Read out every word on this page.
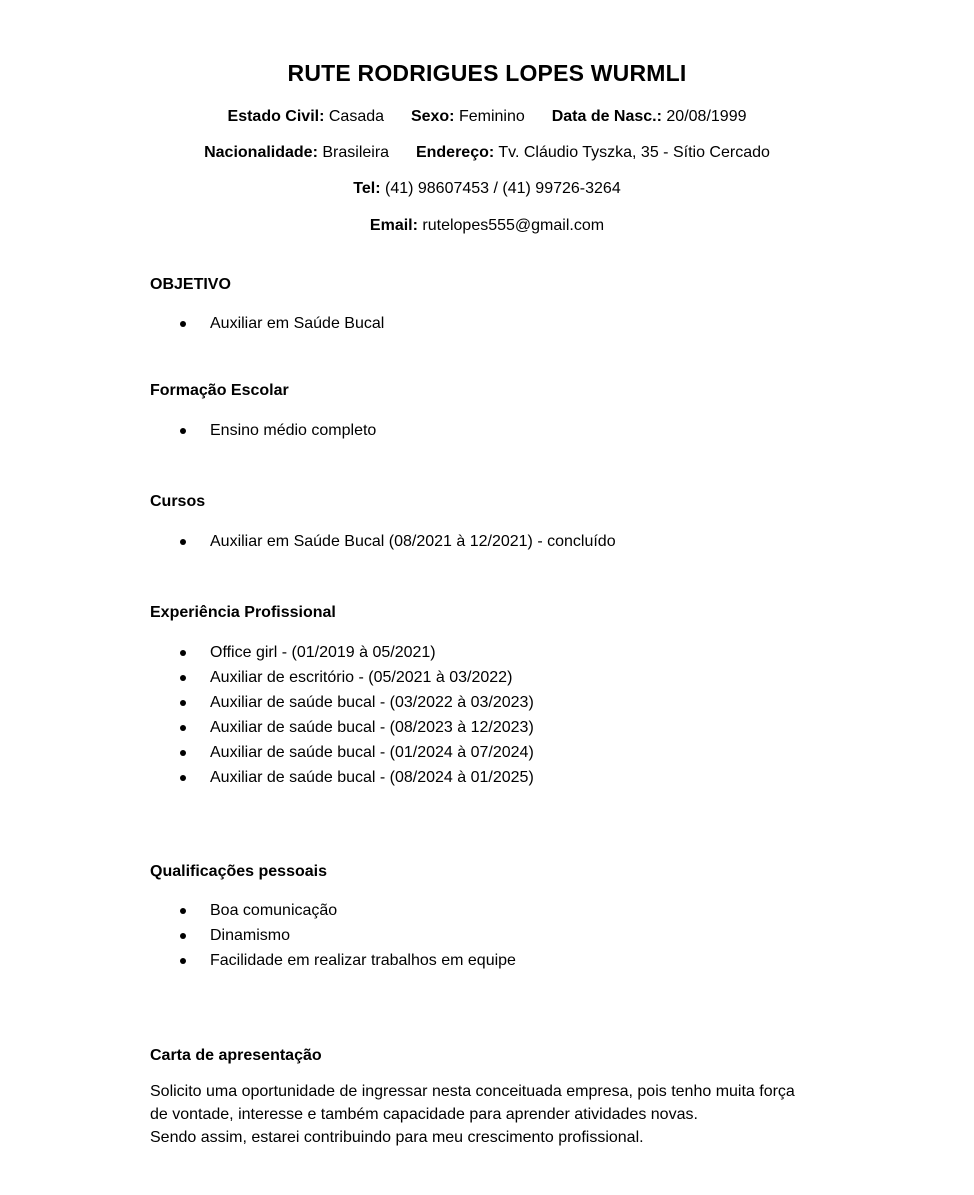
RUTE RODRIGUES LOPES WURMLI
Estado Civil: Casada Sexo: Feminino Data de Nasc.: 20/08/1999
Nacionalidade: Brasileira Endereço: Tv. Cláudio Tyszka, 35 - Sítio Cercado
Tel: (41) 98607453 / (41) 99726-3264
Email: rutelopes555@gmail.com
OBJETIVO
Auxiliar em Saúde Bucal
Formação Escolar
Ensino médio completo
Cursos
Auxiliar em Saúde Bucal (08/2021 à 12/2021) - concluído
Experiência Profissional
Office girl - (01/2019 à 05/2021)
Auxiliar de escritório - (05/2021 à 03/2022)
Auxiliar de saúde bucal - (03/2022 à 03/2023)
Auxiliar de saúde bucal - (08/2023 à 12/2023)
Auxiliar de saúde bucal - (01/2024 à 07/2024)
Auxiliar de saúde bucal - (08/2024 à 01/2025)
Qualificações pessoais
Boa comunicação
Dinamismo
Facilidade em realizar trabalhos em equipe
Carta de apresentação

Solicito uma oportunidade de ingressar nesta conceituada empresa, pois tenho muita força

de vontade, interesse e também capacidade para aprender atividades novas.

Sendo assim, estarei contribuindo para meu crescimento profissional.
